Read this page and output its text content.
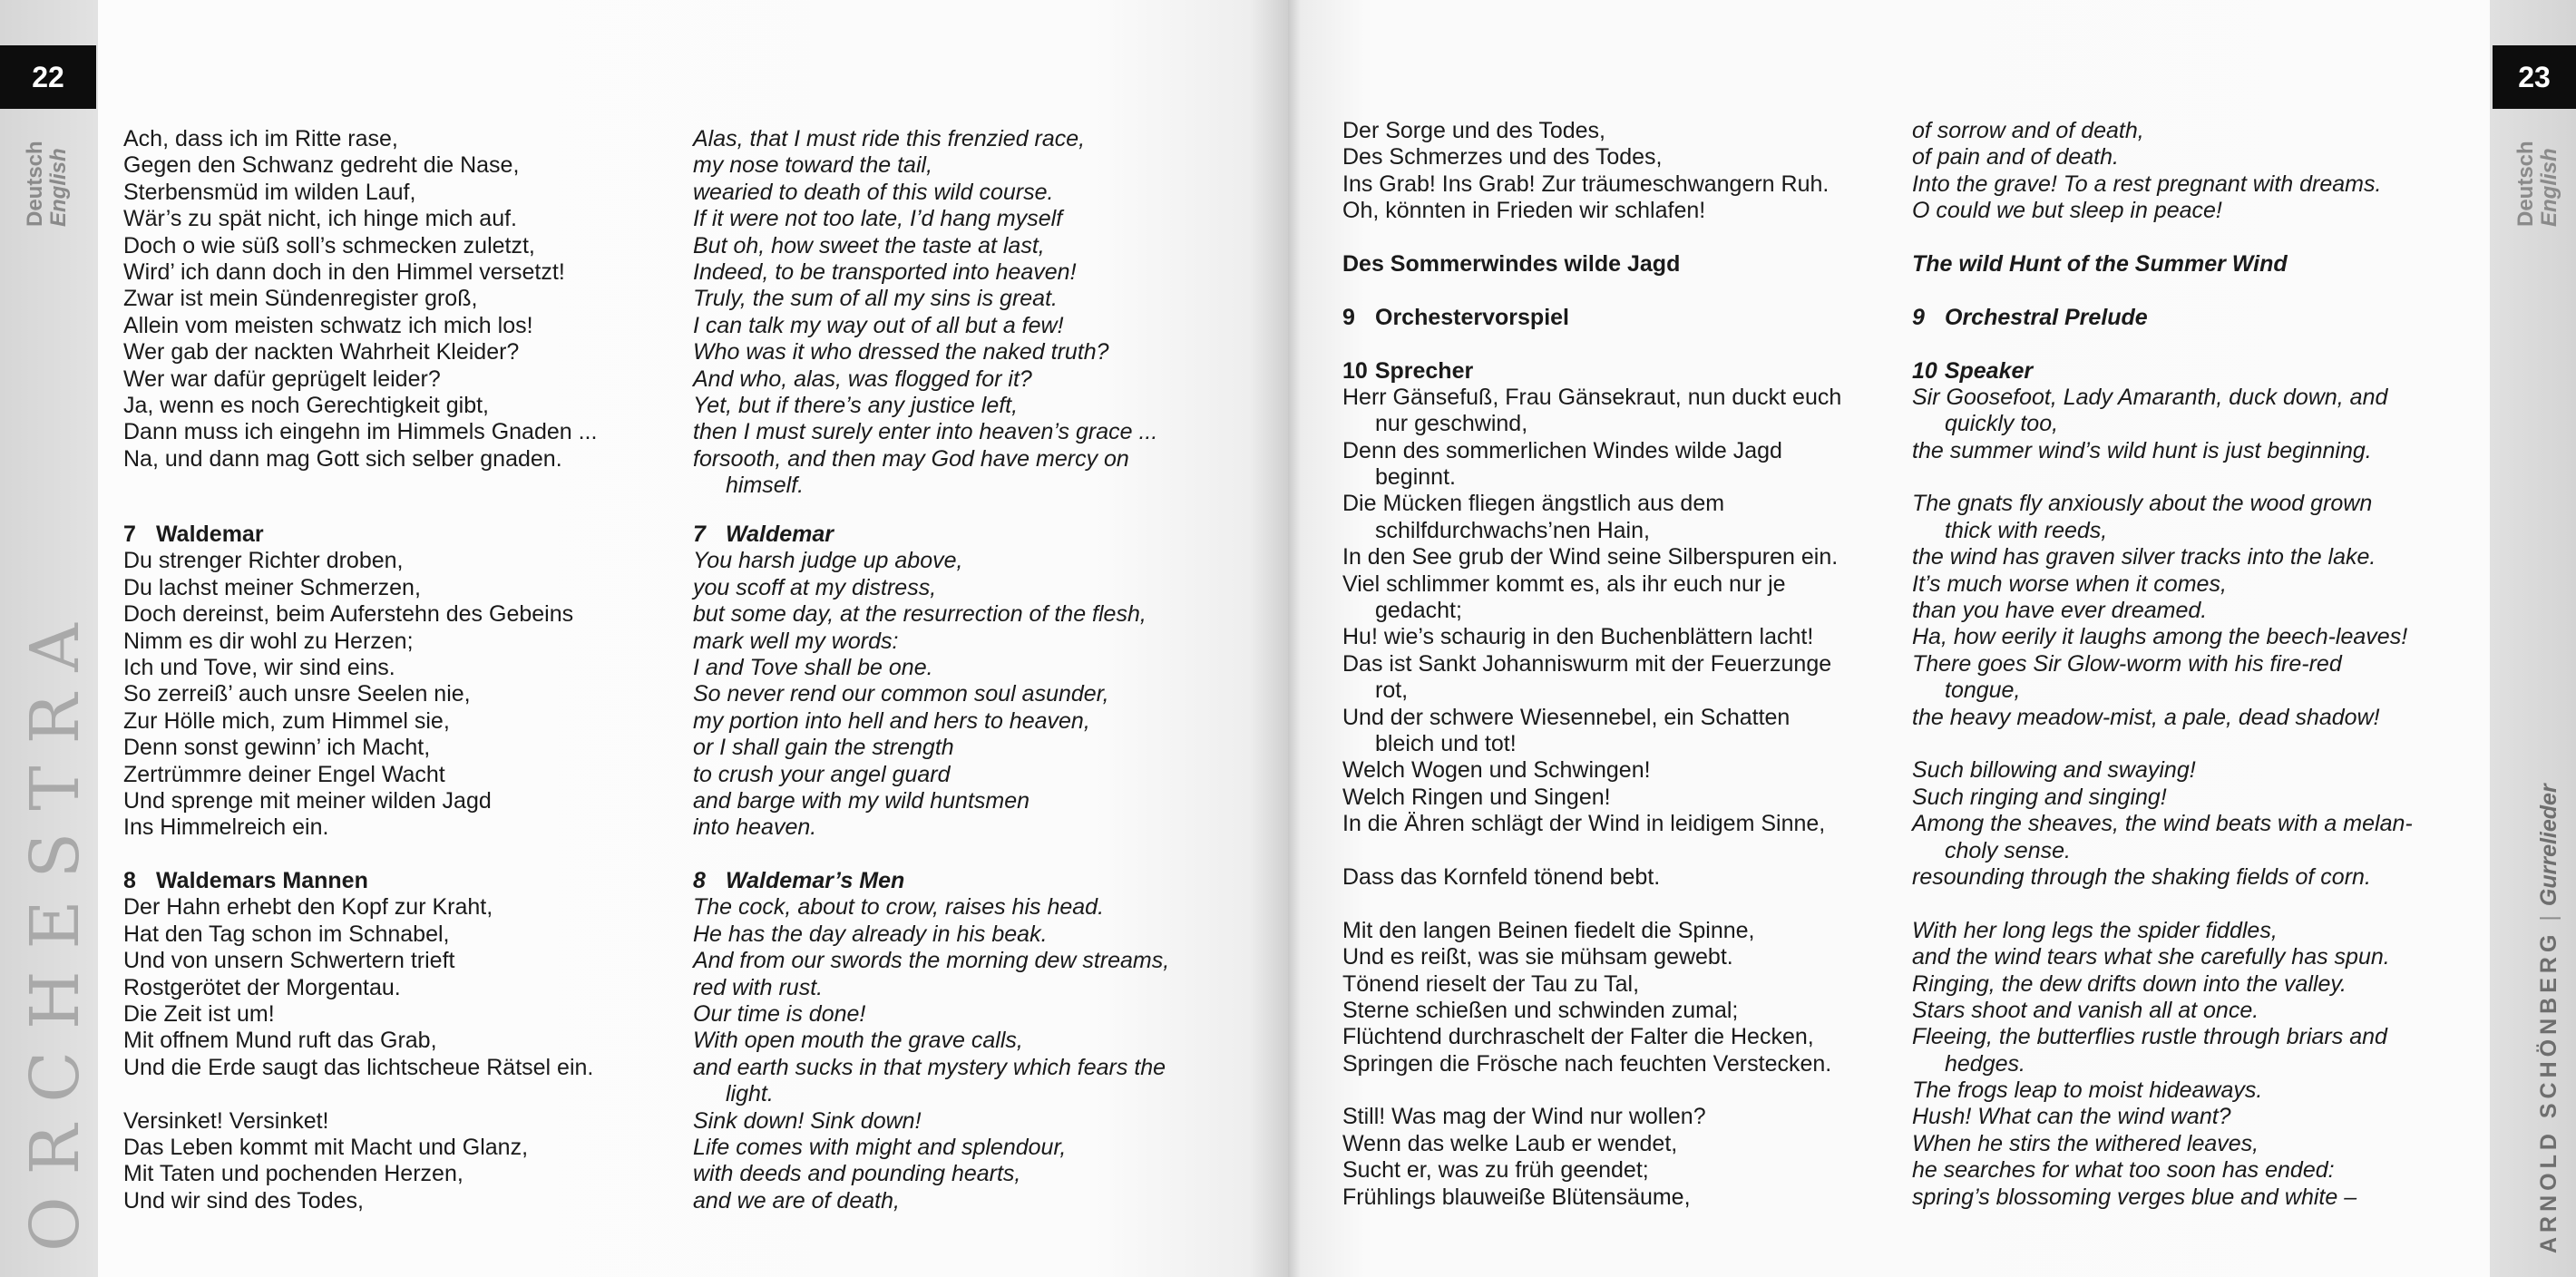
22
Deutsch English
ORCHESTRA
Ach, dass ich im Ritte rase,
Gegen den Schwanz gedreht die Nase,
Sterbensmüd im wilden Lauf,
Wär’s zu spät nicht, ich hinge mich auf.
Doch o wie süß soll’s schmecken zuletzt,
Wird’ ich dann doch in den Himmel versetzt!
Zwar ist mein Sündenregister groß,
Allein vom meisten schwatz ich mich los!
Wer gab der nackten Wahrheit Kleider?
Wer war dafür geprügelt leider?
Ja, wenn es noch Gerechtigkeit gibt,
Dann muss ich eingehn im Himmels Gnaden ...
Na, und dann mag Gott sich selber gnaden.
7 Waldemar
Du strenger Richter droben,
Du lachst meiner Schmerzen,
Doch dereinst, beim Auferstehn des Gebeins
Nimm es dir wohl zu Herzen;
Ich und Tove, wir sind eins.
So zerreiß’ auch unsre Seelen nie,
Zur Hölle mich, zum Himmel sie,
Denn sonst gewinn’ ich Macht,
Zertrümmre deiner Engel Wacht
Und sprenge mit meiner wilden Jagd
Ins Himmelreich ein.
8 Waldemars Mannen
Der Hahn erhebt den Kopf zur Kraht,
Hat den Tag schon im Schnabel,
Und von unsern Schwertern trieft
Rostgerötet der Morgentau.
Die Zeit ist um!
Mit offnem Mund ruft das Grab,
Und die Erde saugt das lichtscheue Rätsel ein.
Versinket! Versinket!
Das Leben kommt mit Macht und Glanz,
Mit Taten und pochenden Herzen,
Und wir sind des Todes,
Alas, that I must ride this frenzied race,
my nose toward the tail,
wearied to death of this wild course.
If it were not too late, I’d hang myself
But oh, how sweet the taste at last,
Indeed, to be transported into heaven!
Truly, the sum of all my sins is great.
I can talk my way out of all but a few!
Who was it who dressed the naked truth?
And who, alas, was flogged for it?
Yet, but if there’s any justice left,
then I must surely enter into heaven’s grace ...
forsooth, and then may God have mercy on
himself.
7 Waldemar
You harsh judge up above,
you scoff at my distress,
but some day, at the resurrection of the flesh,
mark well my words:
I and Tove shall be one.
So never rend our common soul asunder,
my portion into hell and hers to heaven,
or I shall gain the strength
to crush your angel guard
and barge with my wild huntsmen
into heaven.
8 Waldemar’s Men
The cock, about to crow, raises his head.
He has the day already in his beak.
And from our swords the morning dew streams,
red with rust.
Our time is done!
With open mouth the grave calls,
and earth sucks in that mystery which fears the
light.
Sink down! Sink down!
Life comes with might and splendour,
with deeds and pounding hearts,
and we are of death,
23
Deutsch English
ARNOLD SCHÖNBERG|Gurrelieder
Der Sorge und des Todes,
Des Schmerzes und des Todes,
Ins Grab! Ins Grab! Zur träumeschwangern Ruh.
Oh, könnten in Frieden wir schlafen!
Des Sommerwindes wilde Jagd
9 Orchestervorspiel
10 Sprecher
Herr Gänsefuß, Frau Gänsekraut, nun duckt euch
nur geschwind,
Denn des sommerlichen Windes wilde Jagd
beginnt.
Die Mücken fliegen ängstlich aus dem
schilfdurchwachs’nen Hain,
In den See grub der Wind seine Silberspuren ein.
Viel schlimmer kommt es, als ihr euch nur je
gedacht;
Hu! wie’s schaurig in den Buchenblättern lacht!
Das ist Sankt Johanniswurm mit der Feuerzunge
rot,
Und der schwere Wiesennebel, ein Schatten
bleich und tot!
Welch Wogen und Schwingen!
Welch Ringen und Singen!
In die Ähren schlägt der Wind in leidigem Sinne,
Dass das Kornfeld tönend bebt.
Mit den langen Beinen fiedelt die Spinne,
Und es reißt, was sie mühsam gewebt.
Tönend rieselt der Tau zu Tal,
Sterne schießen und schwinden zumal;
Flüchtend durchraschelt der Falter die Hecken,
Springen die Frösche nach feuchten Verstecken.
Still! Was mag der Wind nur wollen?
Wenn das welke Laub er wendet,
Sucht er, was zu früh geendet;
Frühlings blauweiße Blütensäume,
of sorrow and of death,
of pain and of death.
Into the grave! To a rest pregnant with dreams.
O could we but sleep in peace!
The wild Hunt of the Summer Wind
9 Orchestral Prelude
10 Speaker
Sir Goosefoot, Lady Amaranth, duck down, and
quickly too,
the summer wind’s wild hunt is just beginning.
The gnats fly anxiously about the wood grown
thick with reeds,
the wind has graven silver tracks into the lake.
It’s much worse when it comes,
than you have ever dreamed.
Ha, how eerily it laughs among the beech-leaves!
There goes Sir Glow-worm with his fire-red
tongue,
the heavy meadow-mist, a pale, dead shadow!
Such billowing and swaying!
Such ringing and singing!
Among the sheaves, the wind beats with a melan-
choly sense.
resounding through the shaking fields of corn.
With her long legs the spider fiddles,
and the wind tears what she carefully has spun.
Ringing, the dew drifts down into the valley.
Stars shoot and vanish all at once.
Fleeing, the butterflies rustle through briars and
hedges.
The frogs leap to moist hideaways.
Hush! What can the wind want?
When he stirs the withered leaves,
he searches for what too soon has ended:
spring’s blossoming verges blue and white –
